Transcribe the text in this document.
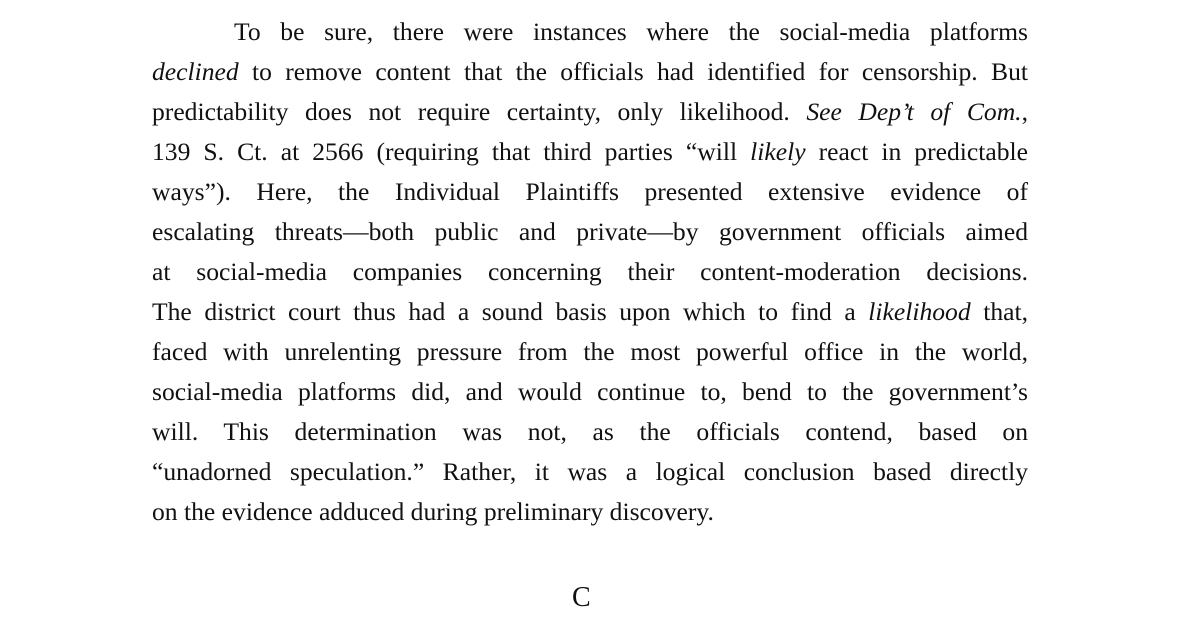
To be sure, there were instances where the social-media platforms
declined to remove content that the officials had identified for censorship. But
predictability does not require certainty, only likelihood. See Dep’t of Com.,
139 S. Ct. at 2566 (requiring that third parties “will likely react in predictable
ways”). Here, the Individual Plaintiffs presented extensive evidence of
escalating threats—both public and private—by government officials aimed
at social-media companies concerning their content-moderation decisions.
The district court thus had a sound basis upon which to find a likelihood that,
faced with unrelenting pressure from the most powerful office in the world,
social-media platforms did, and would continue to, bend to the government’s
will. This determination was not, as the officials contend, based on
“unadorned speculation.” Rather, it was a logical conclusion based directly
on the evidence adduced during preliminary discovery.
C
